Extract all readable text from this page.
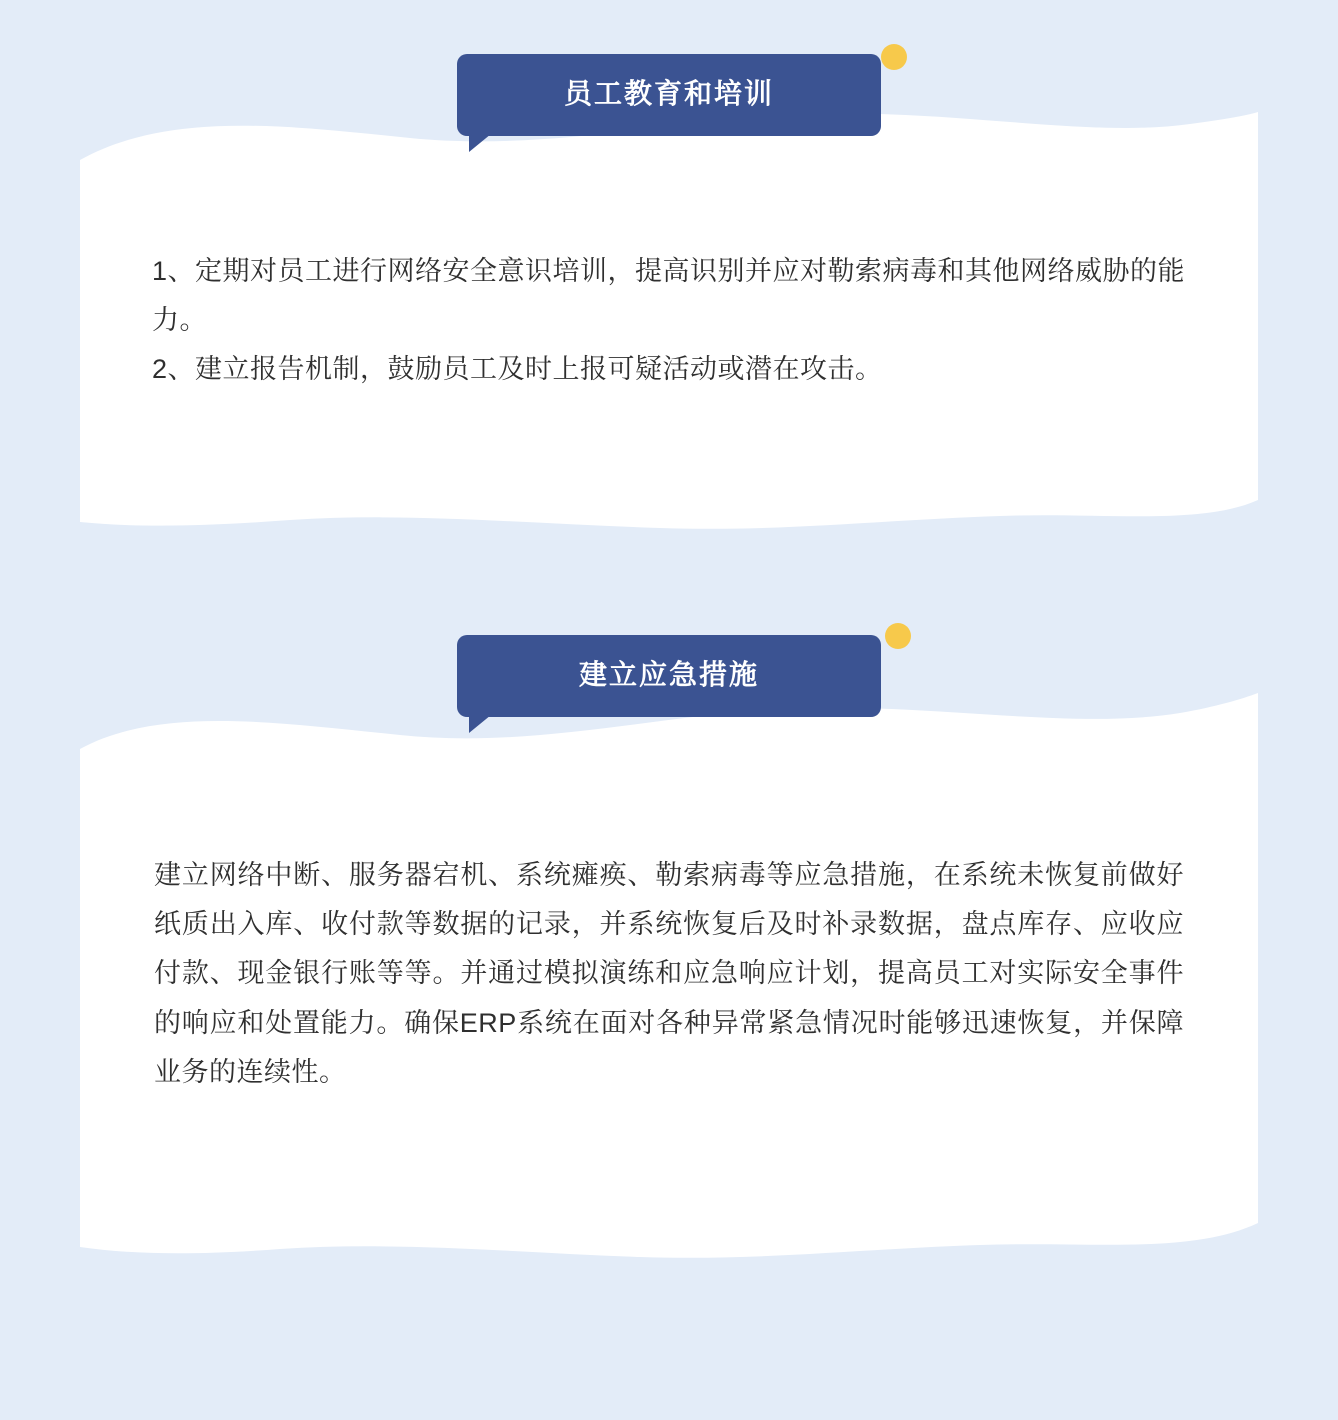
员工教育和培训

1、定期对员工进行网络安全意识培训，提高识别并应对勒索病毒和其他网络威胁的能力。

2、建立报告机制，鼓励员工及时上报可疑活动或潜在攻击。

建立应急措施

建立网络中断、服务器宕机、系统瘫痪、勒索病毒等应急措施，在系统未恢复前做好纸质出入库、收付款等数据的记录，并系统恢复后及时补录数据，盘点库存、应收应付款、现金银行账等等。并通过模拟演练和应急响应计划，提高员工对实际安全事件的响应和处置能力。确保ERP系统在面对各种异常紧急情况时能够迅速恢复，并保障业务的连续性。
